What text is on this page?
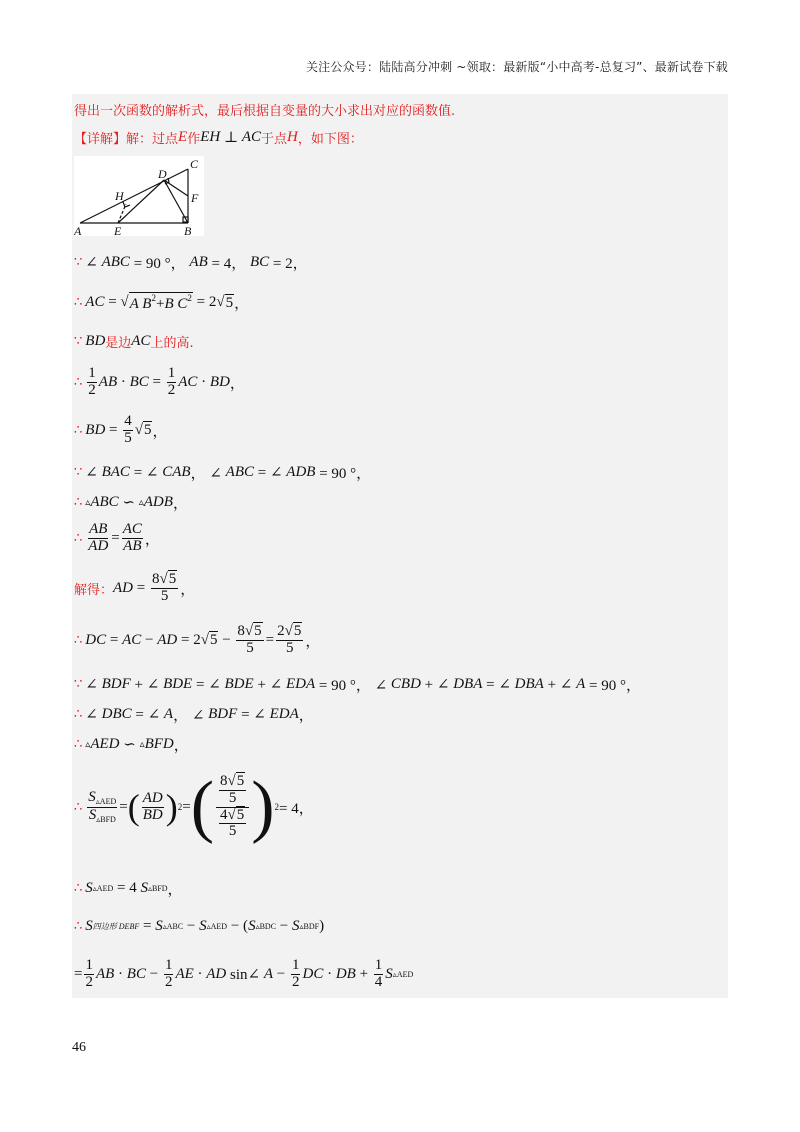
关注公众号：陆陆高分冲刺 ~领取：最新版“小中高考-总复习”、最新试卷下载
得出一次函数的解析式，最后根据自变量的大小求出对应的函数值.
【详解】 解：过点 E 作 EH ⊥ AC 于点 H ，如下图：
C
D
H	F
A	E	B
∵ ∠ ABC = 90 °， AB = 4， BC = 2，
∴ AC = √ A $B^2+B$ $C^2 = 2√$ 5 ，
∵ BD 是边 AC 上的高.
∴ $\frac{1}{2}$ AB · BC = $\frac{1}{2}$ AC · BD ，
∴ BD = $\frac{4}{5}$ √ 5 ，
∵ ∠ BAC = ∠ CAB ， ∠ ABC = ∠ ADB = 90 °，
∴ ▵ ABC ∽ ▵ ADB ，
∴ $\frac{AB}{AD} = \frac{AC}{AB}$ ，
解得： AD = $\frac{8√5}{5}$ ，
∴ DC = AC − AD = 2√ $5 - \frac{8√5}{5} = \frac{2√5}{5}$ ，
∵ ∠ BDF + ∠ BDE = ∠ BDE + ∠ EDA = 90 °， ∠ CBD + ∠ DBA = ∠ DBA + ∠ A = 90 °，
∴ ∠ DBC = ∠ A ， ∠ BDF = ∠ EDA ，
∴ ▵ AED ∽ ▵ BFD ，
∴ $\frac{S_{▵AED}}{S_{▵BFD}}$ = ( $\frac{AD}{BD}$ ) 2 = ( $\frac{\frac{8√5}{5}}{\frac{4√5}{5}}$ ) 2 = 4，
∴ S ▵AED = 4 S ▵BFD ，
∴ S 四边形 DEBF = S ▵ABC − S ▵AED − ( S ▵BDC − S ▵BDF )
= $\frac{1}{2}$ AB · BC − $\frac{1}{2}$ AE · AD sin∠ $A - \frac{1}{2}$ DC · DB + $\frac{1}{4}$ S ▵AED
46
